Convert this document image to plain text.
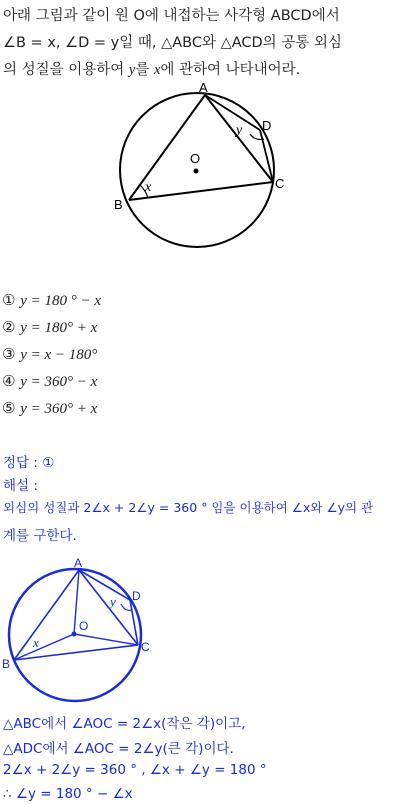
아래 그림과 같이 원 O에 내접하는 사각형 ABCD에서
∠B = x, ∠D = y일 때, △ABC와 △ACD의 공통 외심
의 성질을 이용하여 y를 x에 관하여 나타내어라.
A
B
C
D
O
x
y
① y = 180 ° − x
② y = 180° + x
③ y = x − 180°
④ y = 360° − x
⑤ y = 360° + x
정답 : ①
해설 :
외심의 성질과 2∠x + 2∠y = 360 ° 임을 이용하여 ∠x와 ∠y의 관
계를 구한다.
A
B
C
D
O
x
y
△ABC에서 ∠AOC = 2∠x(작은 각)이고,
△ADC에서 ∠AOC = 2∠y(큰 각)이다.
2∠x + 2∠y = 360 ° , ∠x + ∠y = 180 °
∴ ∠y = 180 ° − ∠x
